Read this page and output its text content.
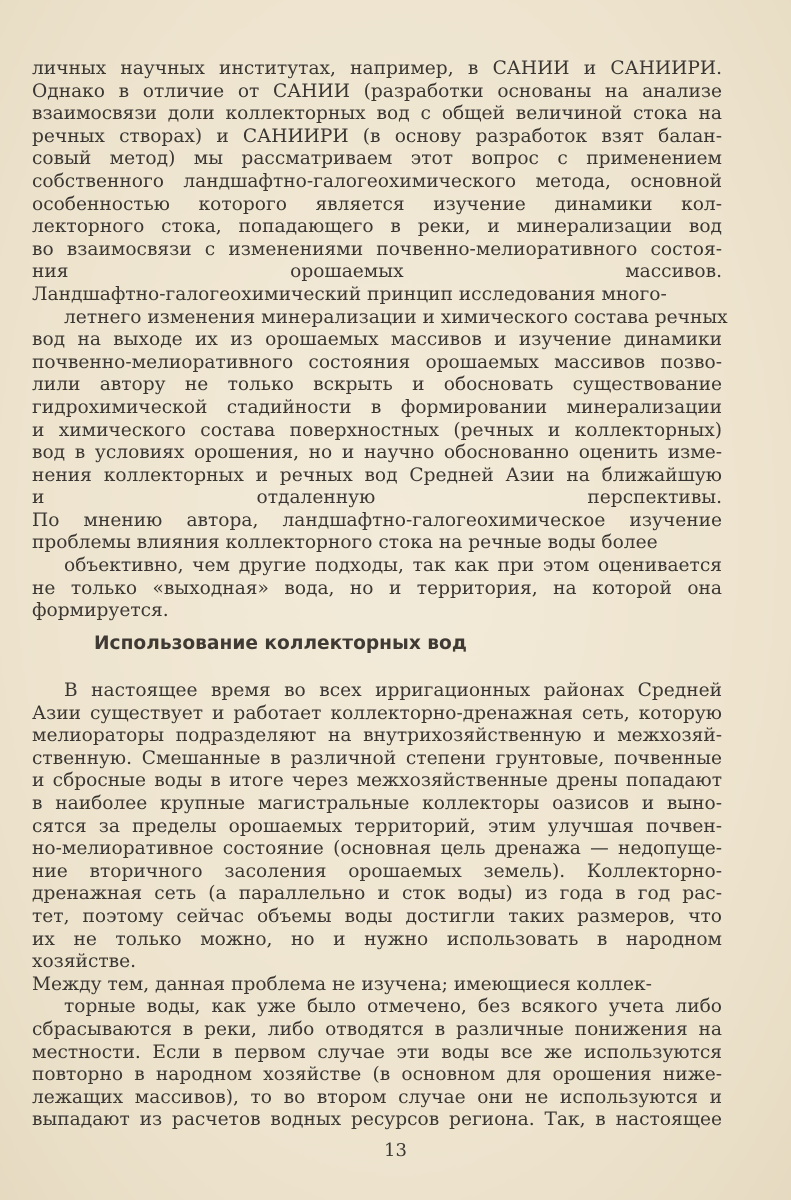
личных научных институтах, например, в САНИИ и САНИИРИ.
Однако в отличие от САНИИ (разработки основаны на анализе
взаимосвязи доли коллекторных вод с общей величиной стока на
речных створах) и САНИИРИ (в основу разработок взят балан-
совый метод) мы рассматриваем этот вопрос с применением
собственного ландшафтно-галогеохимического метода, основной
особенностью которого является изучение динамики кол-
лекторного стока, попадающего в реки, и минерализации вод
во взаимосвязи с изменениями почвенно-мелиоративного состоя-
ния орошаемых массивов.
Ландшафтно-галогеохимический принцип исследования много-
летнего изменения минерализации и химического состава речных
вод на выходе их из орошаемых массивов и изучение динамики
почвенно-мелиоративного состояния орошаемых массивов позво-
лили автору не только вскрыть и обосновать существование
гидрохимической стадийности в формировании минерализации
и химического состава поверхностных (речных и коллекторных)
вод в условиях орошения, но и научно обоснованно оценить изме-
нения коллекторных и речных вод Средней Азии на ближайшую
и отдаленную перспективы.
По мнению автора, ландшафтно-галогеохимическое изучение
проблемы влияния коллекторного стока на речные воды более
объективно, чем другие подходы, так как при этом оценивается
не только «выходная» вода, но и территория, на которой она
формируется.
Использование коллекторных вод
В настоящее время во всех ирригационных районах Средней
Азии существует и работает коллекторно-дренажная сеть, которую
мелиораторы подразделяют на внутрихозяйственную и межхозяй-
ственную. Смешанные в различной степени грунтовые, почвенные
и сбросные воды в итоге через межхозяйственные дрены попадают
в наиболее крупные магистральные коллекторы оазисов и выно-
сятся за пределы орошаемых территорий, этим улучшая почвен-
но-мелиоративное состояние (основная цель дренажа — недопуще-
ние вторичного засоления орошаемых земель). Коллекторно-
дренажная сеть (а параллельно и сток воды) из года в год рас-
тет, поэтому сейчас объемы воды достигли таких размеров, что
их не только можно, но и нужно использовать в народном
хозяйстве.
Между тем, данная проблема не изучена; имеющиеся коллек-
торные воды, как уже было отмечено, без всякого учета либо
сбрасываются в реки, либо отводятся в различные понижения на
местности. Если в первом случае эти воды все же используются
повторно в народном хозяйстве (в основном для орошения ниже-
лежащих массивов), то во втором случае они не используются и
выпадают из расчетов водных ресурсов региона. Так, в настоящее
13
